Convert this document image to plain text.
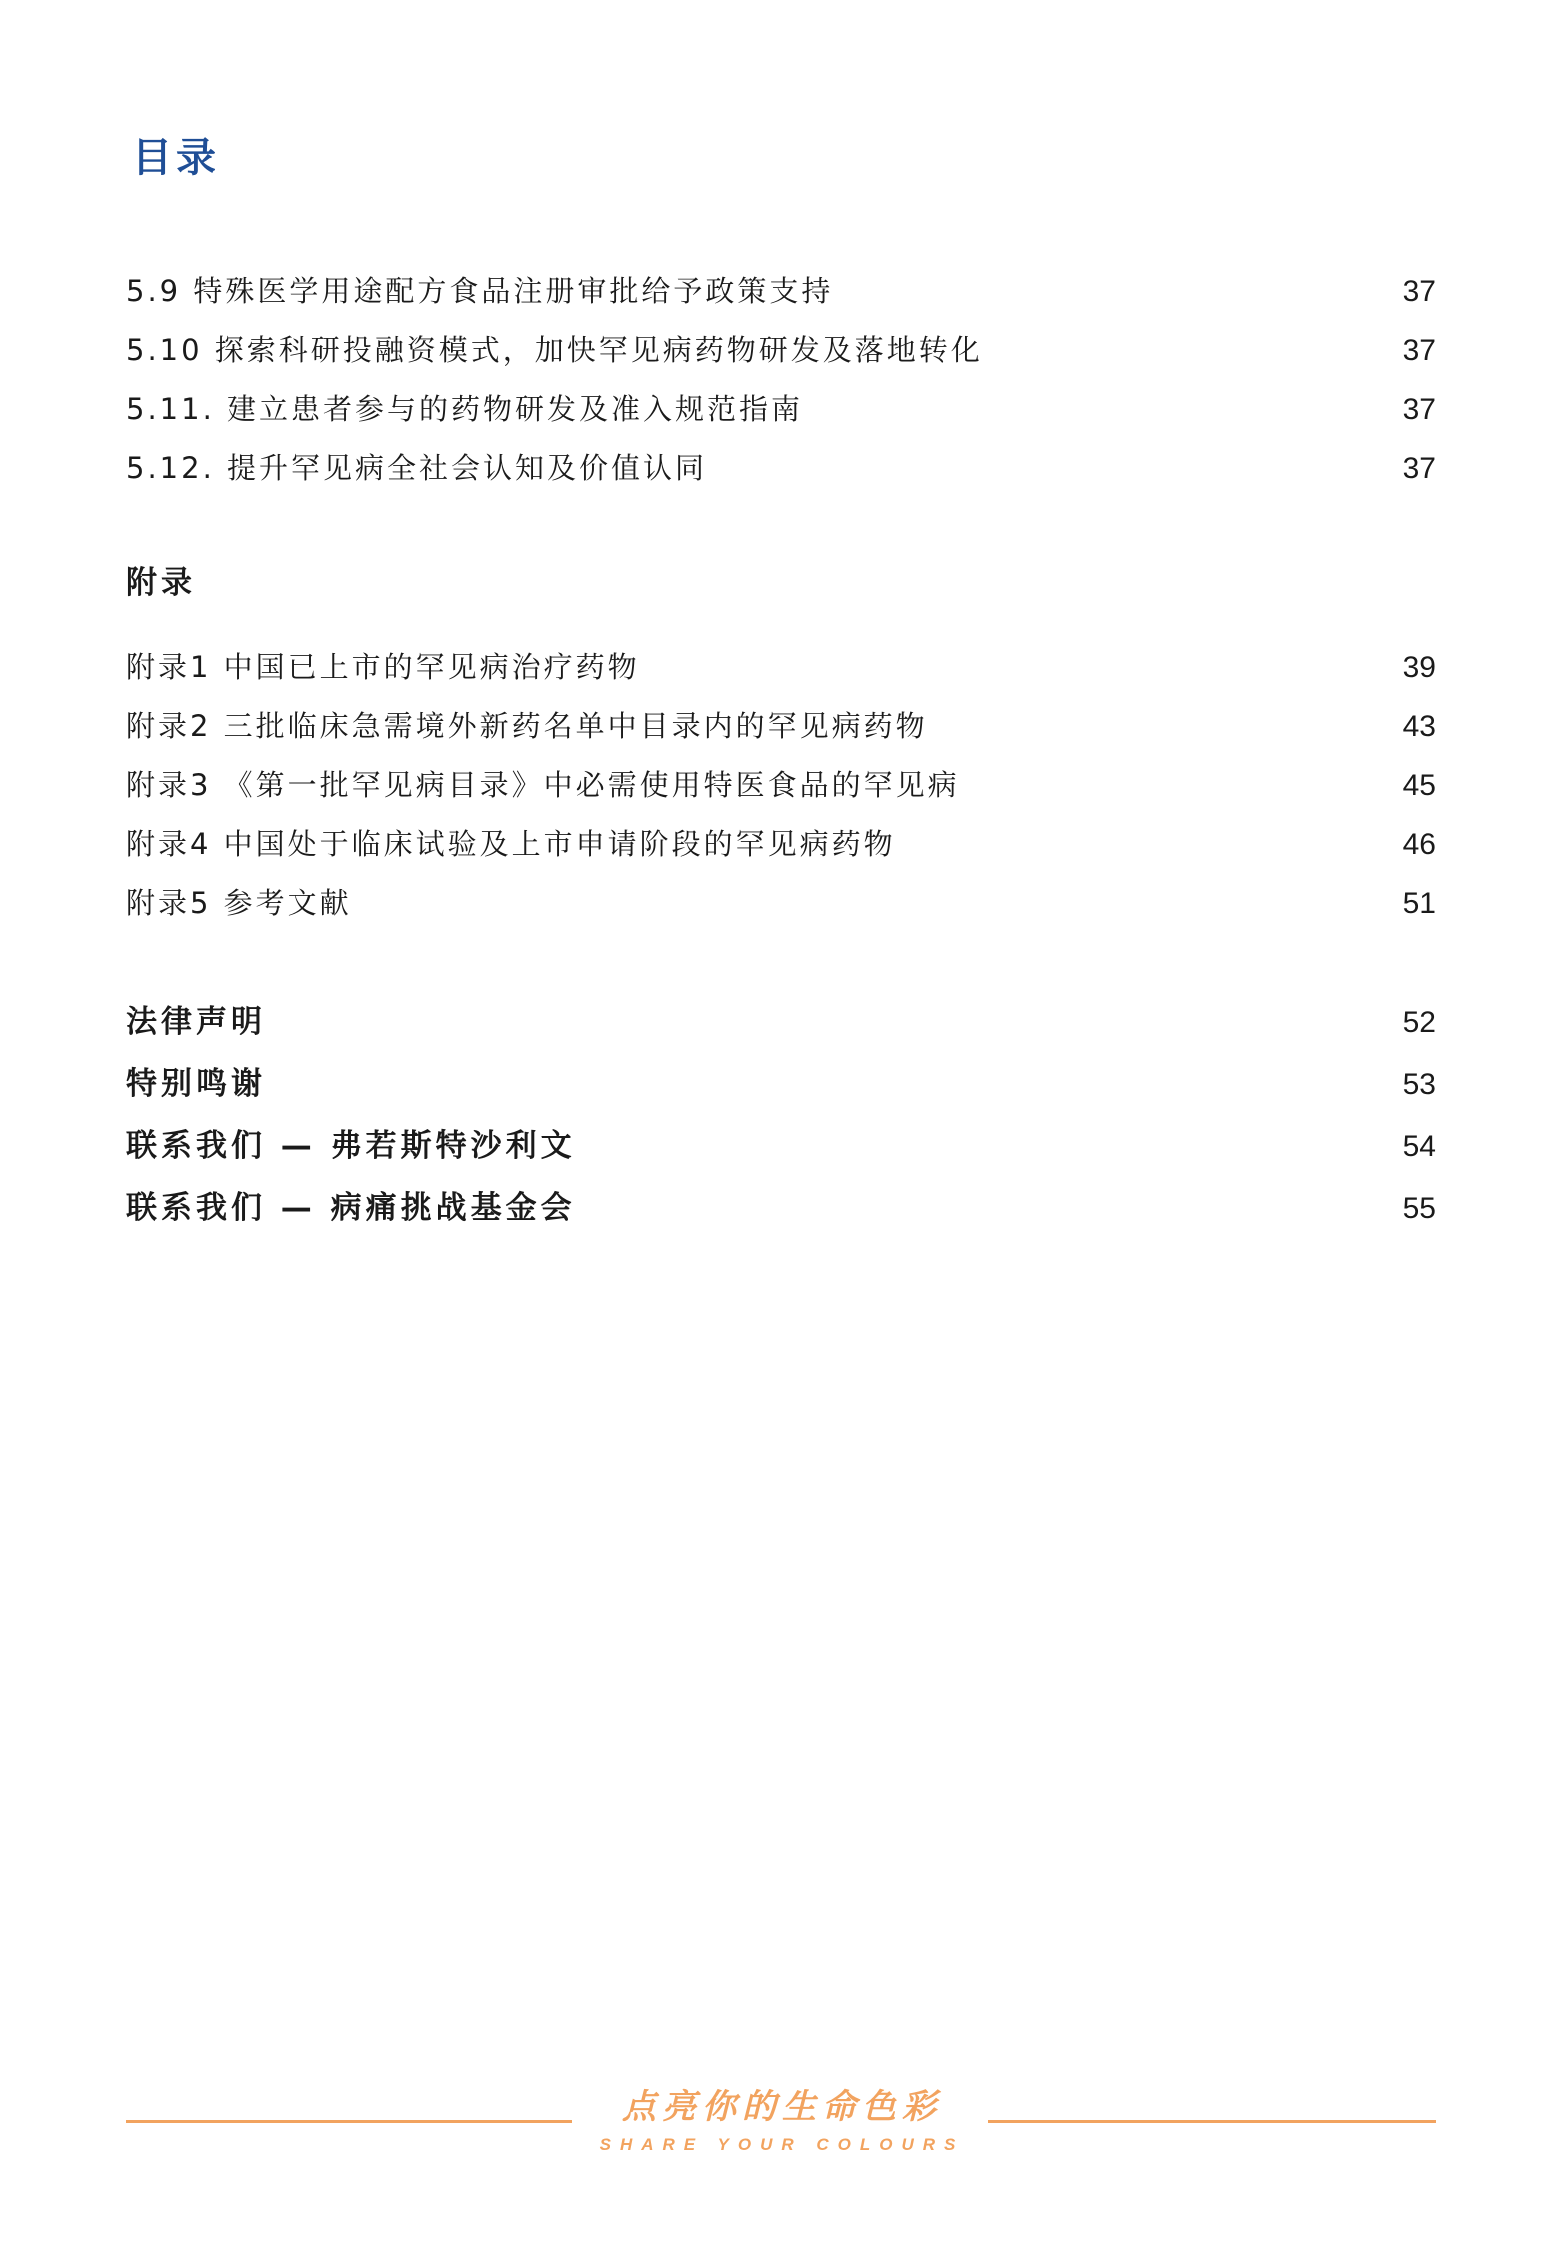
目录
5.9 特殊医学用途配方食品注册审批给予政策支持	37
5.10 探索科研投融资模式，加快罕见病药物研发及落地转化	37
5.11. 建立患者参与的药物研发及准入规范指南	37
5.12. 提升罕见病全社会认知及价值认同	37
附录
附录1 中国已上市的罕见病治疗药物	39
附录2 三批临床急需境外新药名单中目录内的罕见病药物	43
附录3 《第一批罕见病目录》中必需使用特医食品的罕见病	45
附录4 中国处于临床试验及上市申请阶段的罕见病药物	46
附录5 参考文献	51
法律声明	52
特别鸣谢	53
联系我们 — 弗若斯特沙利文	54
联系我们 — 病痛挑战基金会	55
点亮你的生命色彩
SHARE YOUR COLOURS
